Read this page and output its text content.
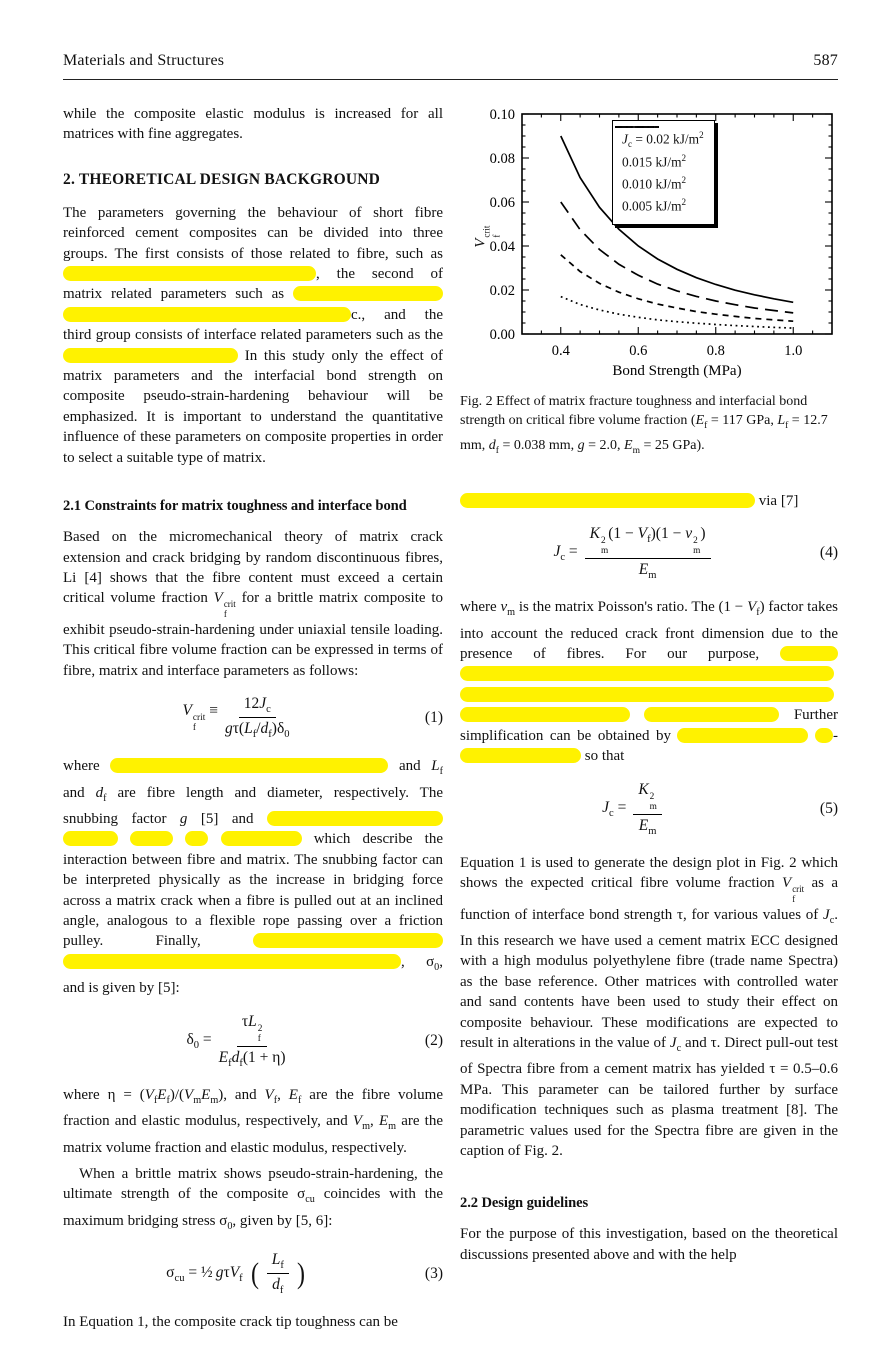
Materials and Structures	587

while the composite elastic modulus is increased for all matrices with fine aggregates.

2. THEORETICAL DESIGN BACKGROUND

The parameters governing the behaviour of short fibre reinforced cement composites can be divided into three groups. The first consists of those related to fibre, such as , the second of matrix related parameters such as  c., and the third group consists of interface related parameters such as the  In this study only the effect of matrix parameters and the interfacial bond strength on composite pseudo-strain-hardening behaviour will be emphasized. It is important to understand the quantitative influence of these parameters on composite properties in order to select a suitable type of matrix.

2.1 Constraints for matrix toughness and interface bond

Based on the micromechanical theory of matrix crack extension and crack bridging by random discontinuous fibres, Li [4] shows that the fibre content must exceed a certain critical volume fraction V crit
f
for a brittle matrix composite to exhibit pseudo-strain-hardening under uniaxial tensile loading. This critical fibre volume fraction can be expressed in terms of fibre, matrix and interface parameters as follows:

V crit
f
≡ $\frac{12J_c}{g\tau(L_f/d_f)\delta_0}$	(1)

where	and $L_f$ and $d_f$ are fibre length and diameter, respectively. The snubbing factor g [5] and      which describe the interaction between fibre and matrix. The snubbing factor can be interpreted physically as the increase in bridging force across a matrix crack when a fibre is pulled out at an inclined angle, analogous to a flexible rope passing over a friction pulley. Finally,  , $\sigma_0$, and is given by [5]:

$\delta_0 = \tau L$ 2
f
$E_fd_f(1 + \eta)$	(2)

where $\eta = (V_fE_f)/(V_mE_m)$, and $V_f$, $E_f$ are the fibre volume fraction and elastic modulus, respectively, and $V_m$, $E_m$ are the matrix volume fraction and elastic modulus, respectively.

When a brittle matrix shows pseudo-strain-hardening, the ultimate strength of the composite $\sigma_{cu}$ coincides with the maximum bridging stress $\sigma_0$, given by [5, 6]:

$\sigma_{cu}$ = ½ gτV$_f$ ( $\frac{L_f}{d_f}$ )	(3)

In Equation 1, the composite crack tip toughness can be

0.00
0.02
0.04
0.06
0.08
0.10
0.4	0.6	0.8	1.0
Bond Strength (MPa)
V
crit f
$J_c = 0.02$ $kJ/m^2$
0.015 $kJ/m^2$
0.010 $kJ/m^2$
0.005 $kJ/m^2$

Fig. 2 Effect of matrix fracture toughness and interfacial bond strength on critical fibre volume fraction ($E_f = 117$ GPa, $L_f = 12.7$ mm, $d_f = 0.038$ mm, g = 2.0, $E_m = 25$ GPa).

via [7]

$J_c = K$ 2
m
$(1 - V_f)(1 - v$ 2
m
)
$E_m$	(4)

where $v_m$ is the matrix Poisson's ratio. The $(1 - V_f)$ factor takes into account the reduced crack front dimension due to the presence of fibres. For our purpose,      Further simplification can be obtained by	- so that

$J_c = K$ 2
m
$E_m$	(5)

Equation 1 is used to generate the design plot in Fig. 2 which shows the expected critical fibre volume fraction V crit
f
as a function of interface bond strength τ, for various values of $J_c$. In this research we have used a cement matrix ECC designed with a high modulus polyethylene fibre (trade name Spectra) as the base reference. Other matrices with controlled water and sand contents have been used to study their effect on composite behaviour. These modifications are expected to result in alterations in the value of $J_c$ and τ. Direct pull-out test of Spectra fibre from a cement matrix has yielded τ = 0.5–0.6 MPa. This parameter can be tailored further by surface modification techniques such as plasma treatment [8]. The parametric values used for the Spectra fibre are given in the caption of Fig. 2.

2.2 Design guidelines

For the purpose of this investigation, based on the theoretical discussions presented above and with the help
